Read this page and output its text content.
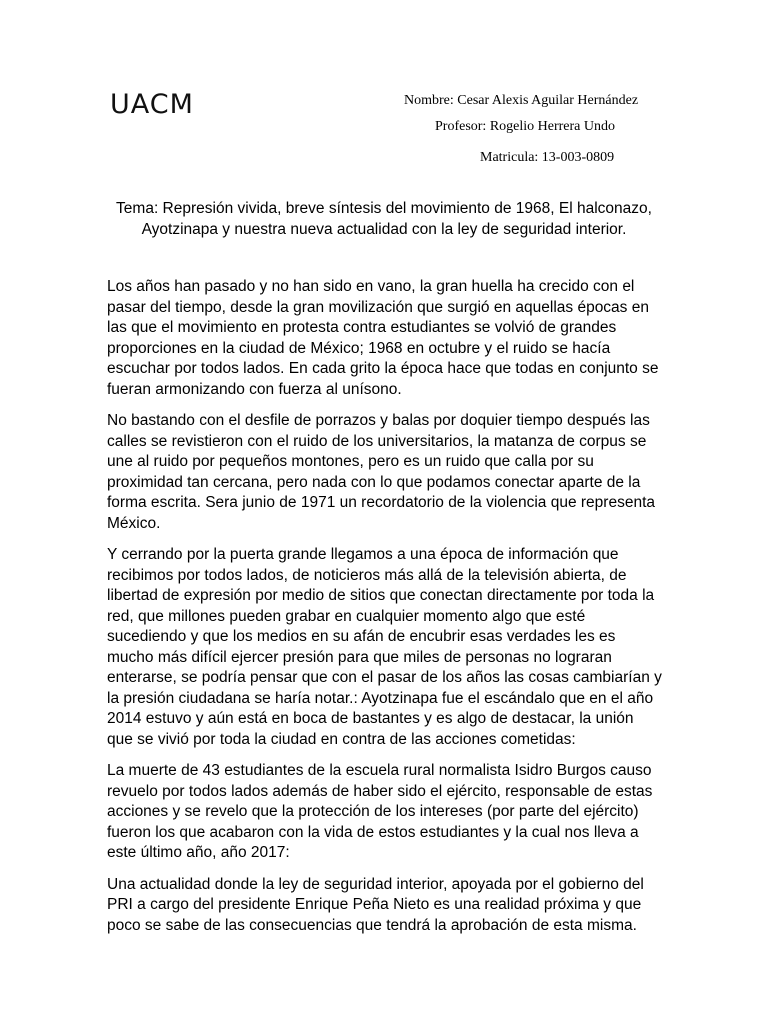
UACM	Nombre: Cesar Alexis Aguilar Hernández
Profesor: Rogelio Herrera Undo
Matricula: 13-003-0809
Tema: Represión vivida, breve síntesis del movimiento de 1968, El halconazo, Ayotzinapa y nuestra nueva actualidad con la ley de seguridad interior.

Los años han pasado y no han sido en vano, la gran huella ha crecido con el pasar del tiempo, desde la gran movilización que surgió en aquellas épocas en las que el movimiento en protesta contra estudiantes se volvió de grandes proporciones en la ciudad de México; 1968 en octubre y el ruido se hacía escuchar por todos lados. En cada grito la época hace que todas en conjunto se fueran armonizando con fuerza al unísono.

No bastando con el desfile de porrazos y balas por doquier tiempo después las calles se revistieron con el ruido de los universitarios, la matanza de corpus se une al ruido por pequeños montones, pero es un ruido que calla por su proximidad tan cercana, pero nada con lo que podamos conectar aparte de la forma escrita. Sera junio de 1971 un recordatorio de la violencia que representa México.

Y cerrando por la puerta grande llegamos a una época de información que recibimos por todos lados, de noticieros más allá de la televisión abierta, de libertad de expresión por medio de sitios que conectan directamente por toda la red, que millones pueden grabar en cualquier momento algo que esté sucediendo y que los medios en su afán de encubrir esas verdades les es mucho más difícil ejercer presión para que miles de personas no lograran enterarse, se podría pensar que con el pasar de los años las cosas cambiarían y la presión ciudadana se haría notar.: Ayotzinapa fue el escándalo que en el año 2014 estuvo y aún está en boca de bastantes y es algo de destacar, la unión que se vivió por toda la ciudad en contra de las acciones cometidas:

La muerte de 43 estudiantes de la escuela rural normalista Isidro Burgos causo revuelo por todos lados además de haber sido el ejército, responsable de estas acciones y se revelo que la protección de los intereses (por parte del ejército) fueron los que acabaron con la vida de estos estudiantes y la cual nos lleva a este último año, año 2017:

Una actualidad donde la ley de seguridad interior, apoyada por el gobierno del PRI a cargo del presidente Enrique Peña Nieto es una realidad próxima y que poco se sabe de las consecuencias que tendrá la aprobación de esta misma.
